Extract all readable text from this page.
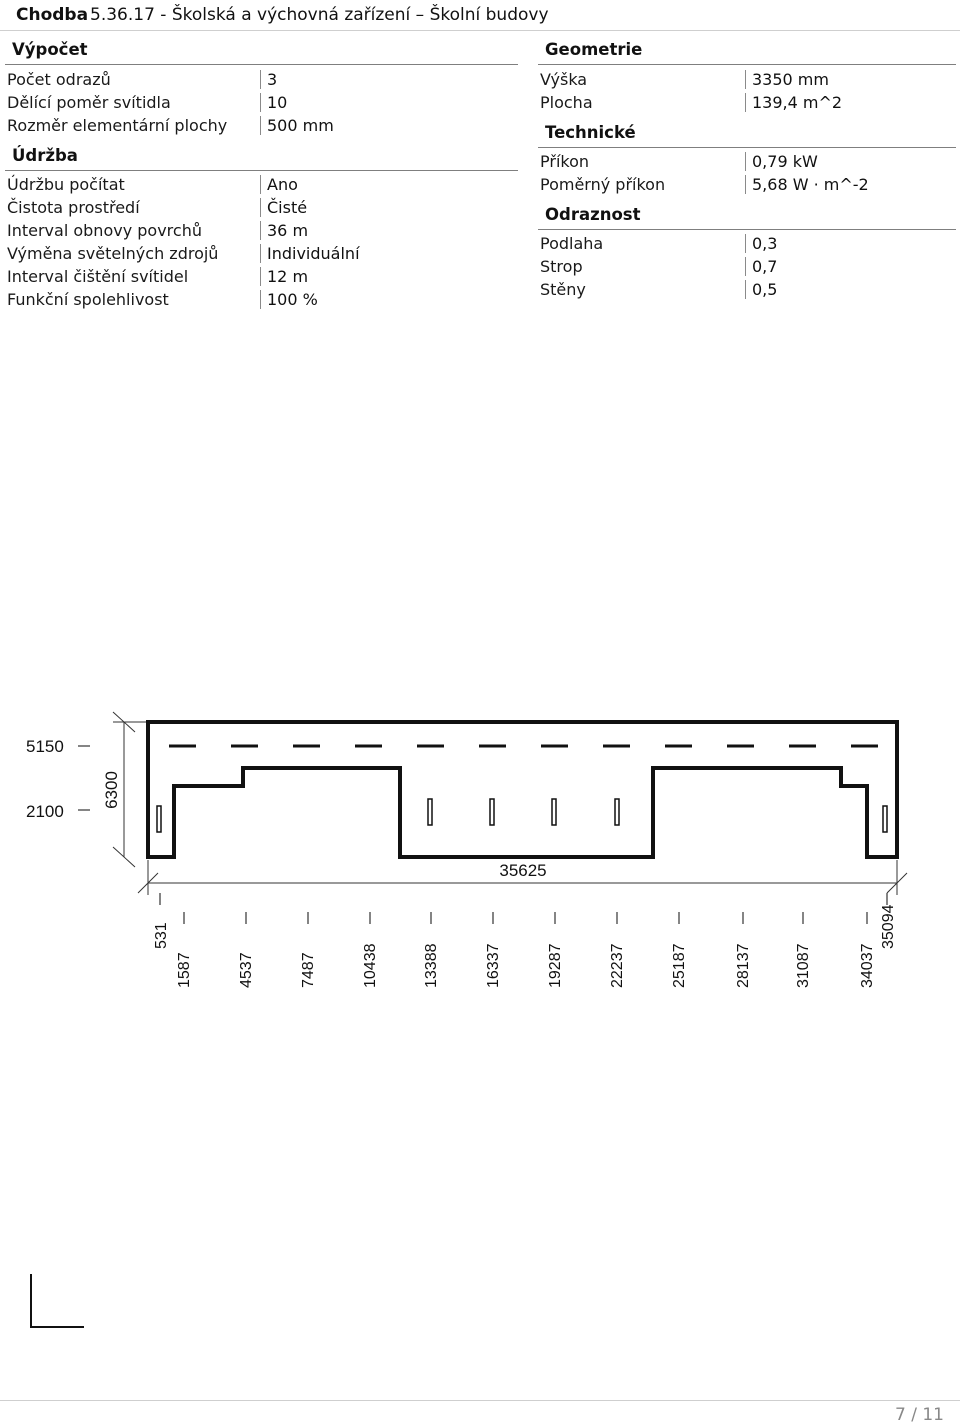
Chodba 5.36.17 - Školská a výchovná zařízení – Školní budovy
Výpočet
Počet odrazů	3
Dělící poměr svítidla	10
Rozměr elementární plochy	500 mm
Údržba
Údržbu počítat	Ano
Čistota prostředí	Čisté
Interval obnovy povrchů	36 m
Výměna světelných zdrojů	Individuální
Interval čištění svítidel	12 m
Funkční spolehlivost	100 %
Geometrie
Výška	3350 mm
Plocha	139,4 m^2
Technické
Příkon	0,79 kW
Poměrný příkon	5,68 W · m^-2
Odraznost
Podlaha	0,3
Strop	0,7
Stěny	0,5
5150
2100
6300
35625
531
1587	4537	7487	10438	13388	16337	19287	22237	25187	28137	31087	34037
35094
7 / 11
